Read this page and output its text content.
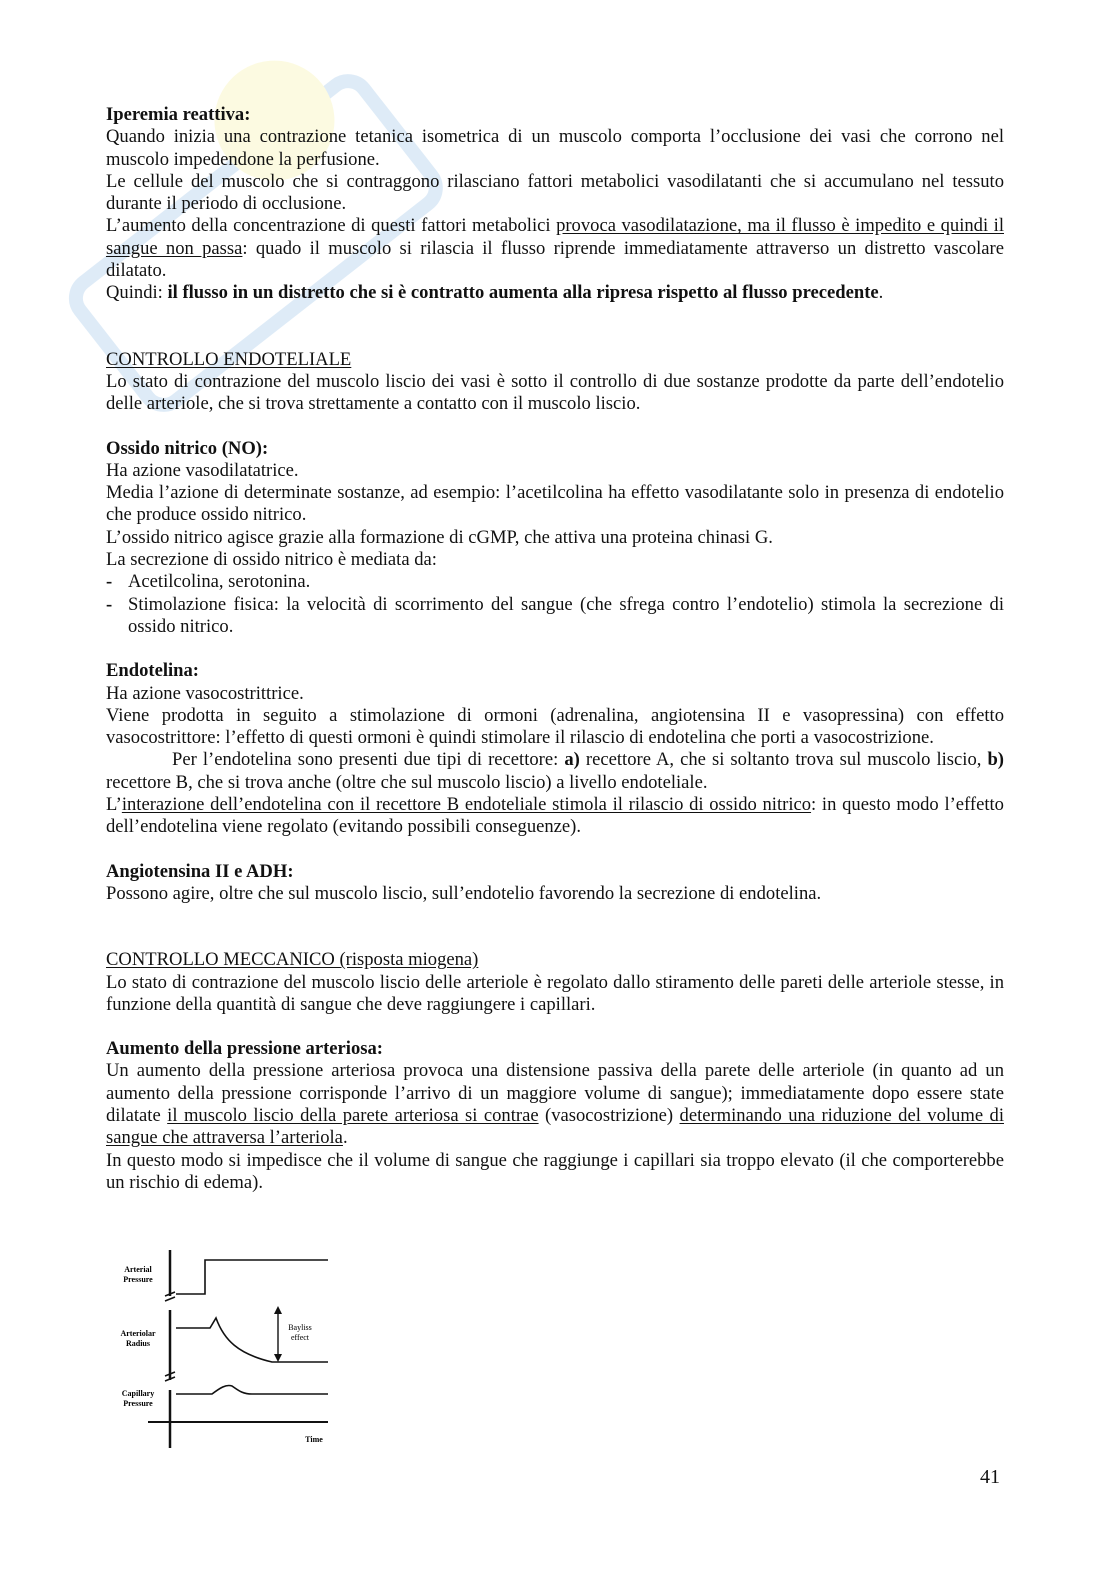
Iperemia reattiva:

Quando inizia una contrazione tetanica isometrica di un muscolo comporta l’occlusione dei vasi che corrono nel muscolo impedendone la perfusione.

Le cellule del muscolo che si contraggono rilasciano fattori metabolici vasodilatanti che si accumulano nel tessuto durante il periodo di occlusione.

L’aumento della concentrazione di questi fattori metabolici provoca vasodilatazione, ma il flusso è impedito e quindi il sangue non passa: quado il muscolo si rilascia il flusso riprende immediatamente attraverso un distretto vascolare dilatato.

Quindi: il flusso in un distretto che si è contratto aumenta alla ripresa rispetto al flusso precedente.

CONTROLLO ENDOTELIALE

Lo stato di contrazione del muscolo liscio dei vasi è sotto il controllo di due sostanze prodotte da parte dell’endotelio delle arteriole, che si trova strettamente a contatto con il muscolo liscio.

Ossido nitrico (NO):

Ha azione vasodilatatrice.

Media l’azione di determinate sostanze, ad esempio: l’acetilcolina ha effetto vasodilatante solo in presenza di endotelio che produce ossido nitrico.

L’ossido nitrico agisce grazie alla formazione di cGMP, che attiva una proteina chinasi G.

La secrezione di ossido nitrico è mediata da:

- Acetilcolina, serotonina.
- Stimolazione fisica: la velocità di scorrimento del sangue (che sfrega contro l’endotelio) stimola la secrezione di ossido nitrico.

Endotelina:

Ha azione vasocostrittrice.

Viene prodotta in seguito a stimolazione di ormoni (adrenalina, angiotensina II e vasopressina) con effetto vasocostrittore: l’effetto di questi ormoni è quindi stimolare il rilascio di endotelina che porti a vasocostrizione.

Per l’endotelina sono presenti due tipi di recettore: a) recettore A, che si soltanto trova sul muscolo liscio, b) recettore B, che si trova anche (oltre che sul muscolo liscio) a livello endoteliale.

L’interazione dell’endotelina con il recettore B endoteliale stimola il rilascio di ossido nitrico: in questo modo l’effetto dell’endotelina viene regolato (evitando possibili conseguenze).

Angiotensina II e ADH:

Possono agire, oltre che sul muscolo liscio, sull’endotelio favorendo la secrezione di endotelina.

CONTROLLO MECCANICO (risposta miogena)

Lo stato di contrazione del muscolo liscio delle arteriole è regolato dallo stiramento delle pareti delle arteriole stesse, in funzione della quantità di sangue che deve raggiungere i capillari.

Aumento della pressione arteriosa:

Un aumento della pressione arteriosa provoca una distensione passiva della parete delle arteriole (in quanto ad un aumento della pressione corrisponde l’arrivo di un maggiore volume di sangue); immediatamente dopo essere state dilatate il muscolo liscio della parete arteriosa si contrae (vasocostrizione) determinando una riduzione del volume di sangue che attraversa l’arteriola.

In questo modo si impedisce che il volume di sangue che raggiunge i capillari sia troppo elevato (il che comporterebbe un rischio di edema).

Arterial
Pressure
Arteriolar
Radius
Capillary
Pressure
Bayliss
effect
Time
41
